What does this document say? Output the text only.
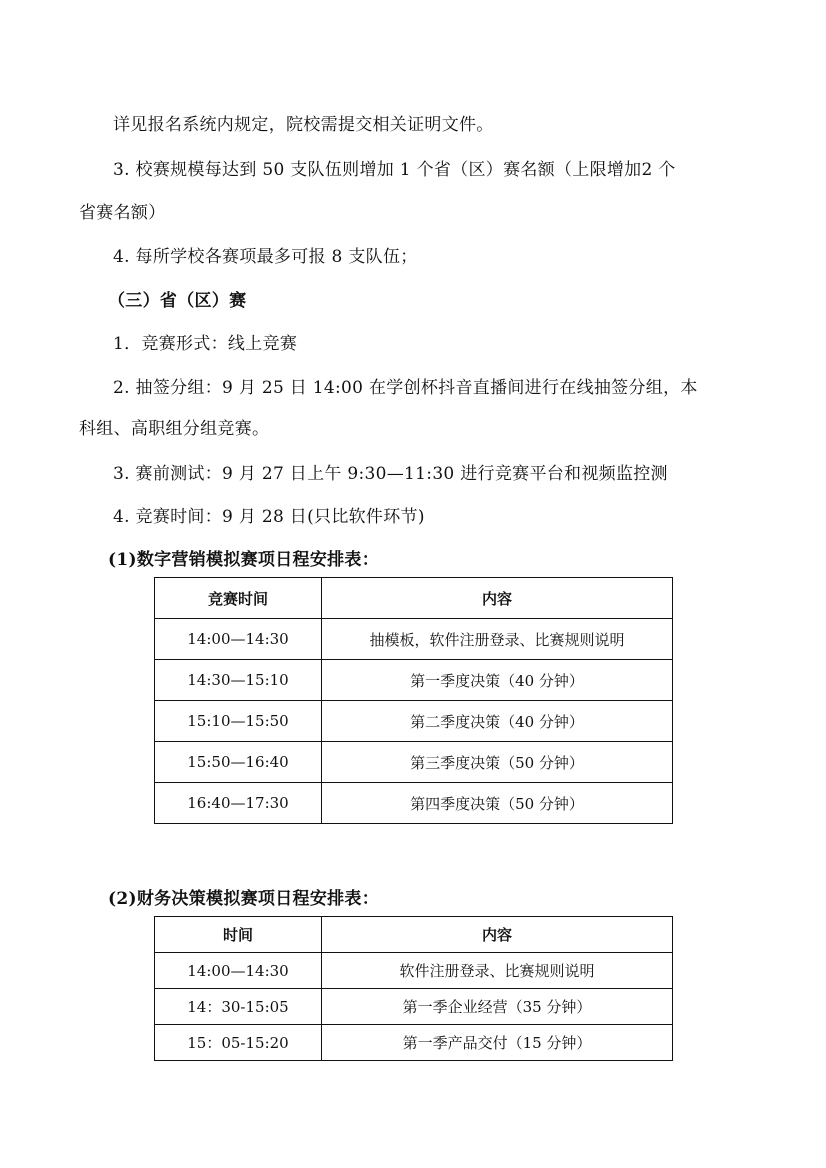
详见报名系统内规定，院校需提交相关证明文件。

3. 校赛规模每达到 50 支队伍则增加 1 个省（区）赛名额（上限增加2 个

省赛名额）

4. 每所学校各赛项最多可报 8 支队伍；

（三）省（区）赛

1．竞赛形式：线上竞赛

2. 抽签分组：9 月 25 日 14:00 在学创杯抖音直播间进行在线抽签分组，本

科组、高职组分组竞赛。

3. 赛前测试：9 月 27 日上午 9:30—11:30 进行竞赛平台和视频监控测

4. 竞赛时间：9 月 28 日(只比软件环节)

(1)数字营销模拟赛项日程安排表：

竞赛时间	内容
14:00—14:30	抽模板，软件注册登录、比赛规则说明
14:30—15:10	第一季度决策（40 分钟）
15:10—15:50	第二季度决策（40 分钟）
15:50—16:40	第三季度决策（50 分钟）
16:40—17:30	第四季度决策（50 分钟）

(2)财务决策模拟赛项日程安排表：

时间	内容
14:00—14:30	软件注册登录、比赛规则说明
14：30-15:05	第一季企业经营（35 分钟）
15：05-15:20	第一季产品交付（15 分钟）
